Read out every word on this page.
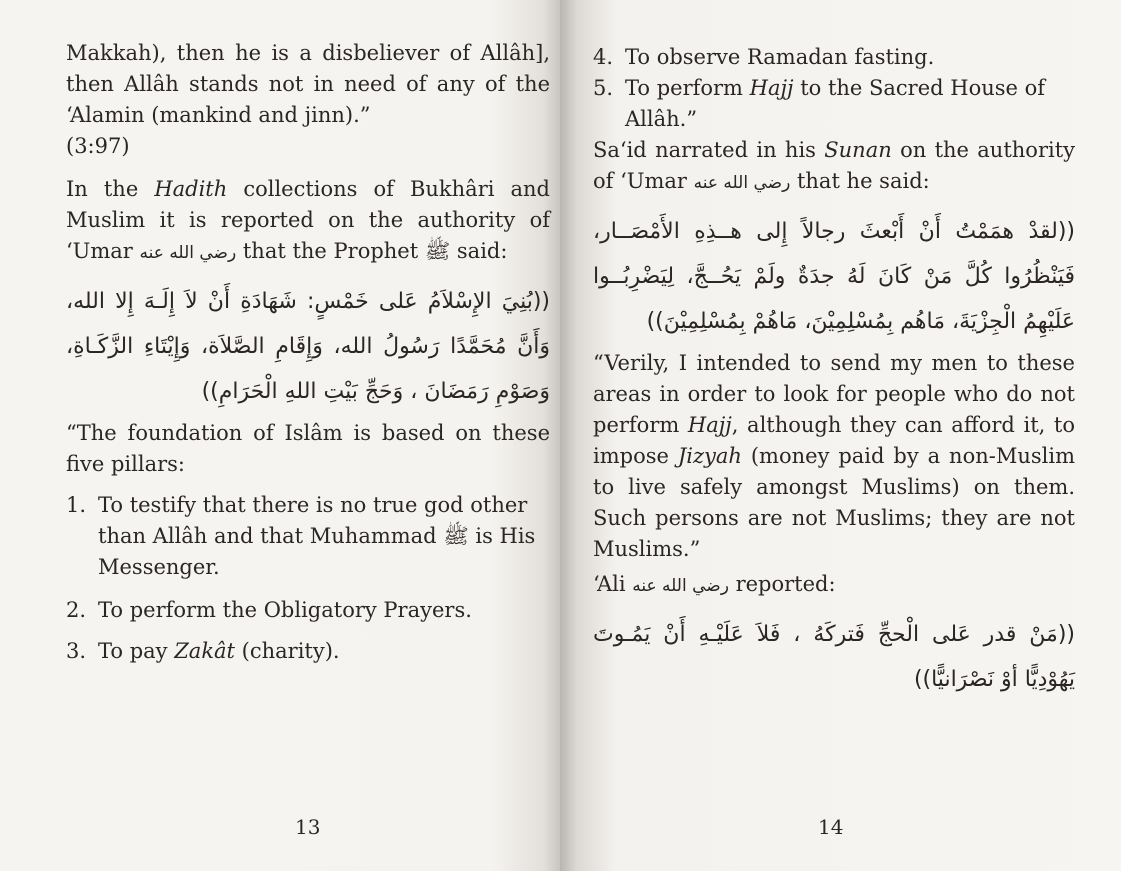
Makkah), then he is a disbeliever of Allâh], then Allâh stands not in need of any of the ‘Alamin (mankind and jinn).”

(3:97)

In the Hadith collections of Bukhâri and Muslim it is reported on the authority of ‘Umar رضي الله عنه that the Prophet ﷺ said:

((بُنِيَ الإِسْلاَمُ عَلى خَمْسٍ: شَهَادَةِ أَنْ لاَ إِلَـهَ إِلا الله، وَأَنَّ مُحَمَّدًا رَسُولُ الله، وَإِقَامِ الصَّلاَة، وَإِيْتَاءِ الزَّكَـاةِ، وَصَوْمِ رَمَضَانَ ، وَحَجِّ بَيْتِ اللهِ الْحَرَامِ))

“The foundation of Islâm is based on these five pillars:

1. To testify that there is no true god other than Allâh and that Muhammad ﷺ is His Messenger.
2. To perform the Obligatory Prayers.
3. To pay Zakât (charity).
13
4. To observe Ramadan fasting.
5. To perform Hajj to the Sacred House of Allâh.”

Sa‘id narrated in his Sunan on the authority of ‘Umar رضي الله عنه that he said:

((لقدْ همَمْتُ أَنْ أَبْعثَ رجالاً إِلى هــذِهِ الأَمْصَــار، فَيَنْظُرُوا كُلَّ مَنْ كَانَ لَهُ جدَةٌ ولَمْ يَحُــجَّ، لِيَضْرِبُــوا عَلَيْهِمُ الْجِزْيَةَ، مَاهُم بِمُسْلِمِيْنَ، مَاهُمْ بِمُسْلِمِيْنَ))

“Verily, I intended to send my men to these areas in order to look for people who do not perform Hajj, although they can afford it, to impose Jizyah (money paid by a non-Muslim to live safely amongst Muslims) on them. Such persons are not Muslims; they are not Muslims.”

‘Ali رضي الله عنه reported:

((مَنْ قدر عَلى الْحجِّ فَتركَهُ ، فَلاَ عَلَيْـهِ أَنْ يَمُـوتَ يَهُوْدِيًّا أوْ نَصْرَانيًّا))

14
